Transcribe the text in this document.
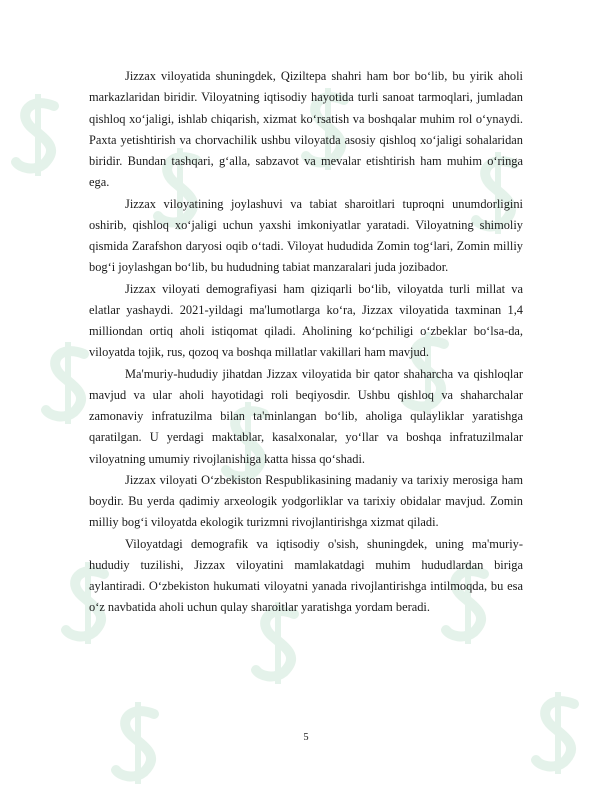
Jizzax viloyatida shuningdek, Qiziltepa shahri ham bor bo‘lib, bu yirik aholi markazlaridan biridir. Viloyatning iqtisodiy hayotida turli sanoat tarmoqlari, jumladan qishloq xo‘jaligi, ishlab chiqarish, xizmat ko‘rsatish va boshqalar muhim rol o‘ynaydi. Paxta yetishtirish va chorvachilik ushbu viloyatda asosiy qishloq xo‘jaligi sohalaridan biridir. Bundan tashqari, g‘alla, sabzavot va mevalar etishtirish ham muhim o‘ringa ega.

Jizzax viloyatining joylashuvi va tabiat sharoitlari tuproqni unumdorligini oshirib, qishloq xo‘jaligi uchun yaxshi imkoniyatlar yaratadi. Viloyatning shimoliy qismida Zarafshon daryosi oqib o‘tadi. Viloyat hududida Zomin tog‘lari, Zomin milliy bog‘i joylashgan bo‘lib, bu hududning tabiat manzaralari juda jozibador.

Jizzax viloyati demografiyasi ham qiziqarli bo‘lib, viloyatda turli millat va elatlar yashaydi. 2021-yildagi ma'lumotlarga ko‘ra, Jizzax viloyatida taxminan 1,4 milliondan ortiq aholi istiqomat qiladi. Aholining ko‘pchiligi o‘zbeklar bo‘lsa-da, viloyatda tojik, rus, qozoq va boshqa millatlar vakillari ham mavjud.

Ma'muriy-hududiy jihatdan Jizzax viloyatida bir qator shaharcha va qishloqlar mavjud va ular aholi hayotidagi roli beqiyosdir. Ushbu qishloq va shaharchalar zamonaviy infratuzilma bilan ta'minlangan bo‘lib, aholiga qulayliklar yaratishga qaratilgan. U yerdagi maktablar, kasalxonalar, yo‘llar va boshqa infratuzilmalar viloyatning umumiy rivojlanishiga katta hissa qo‘shadi.

Jizzax viloyati O‘zbekiston Respublikasining madaniy va tarixiy merosiga ham boydir. Bu yerda qadimiy arxeologik yodgorliklar va tarixiy obidalar mavjud. Zomin milliy bog‘i viloyatda ekologik turizmni rivojlantirishga xizmat qiladi.

Viloyatdagi demografik va iqtisodiy o'sish, shuningdek, uning ma'muriy-hududiy tuzilishi, Jizzax viloyatini mamlakatdagi muhim hududlardan biriga aylantiradi. O‘zbekiston hukumati viloyatni yanada rivojlantirishga intilmoqda, bu esa o‘z navbatida aholi uchun qulay sharoitlar yaratishga yordam beradi.

5
